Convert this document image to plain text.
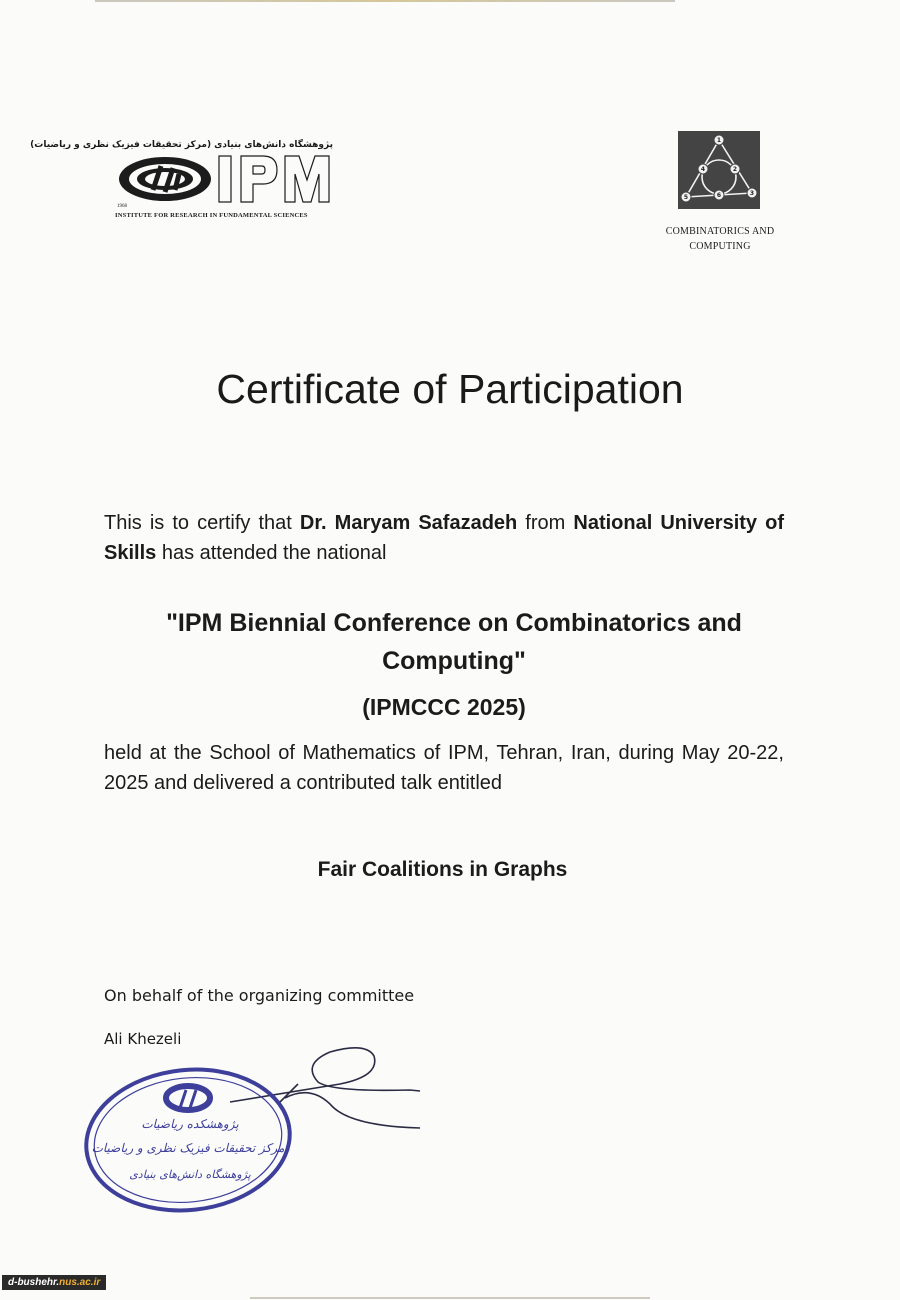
پژوهشگاه دانش‌های بنیادی (مرکز تحقیقات فیزیک نظری و ریاضیات)
1968
INSTITUTE FOR RESEARCH IN FUNDAMENTAL SCIENCES
1
2
3
4
5	6
COMBINATORICS AND
COMPUTING
Certificate of Participation
This is to certify that Dr. Maryam Safazadeh from National University of Skills has attended the national
"IPM Biennial Conference on Combinatorics and Computing"
(IPMCCC 2025)
held at the School of Mathematics of IPM, Tehran, Iran, during May 20-22, 2025 and delivered a contributed talk entitled
Fair Coalitions in Graphs
On behalf of the organizing committee
Ali Khezeli
پژوهشکده ریاضیات
مرکز تحقیقات فیزیک نظری و ریاضیات
پژوهشگاه دانش‌های بنیادی
d-bushehr.nus.ac.ir
